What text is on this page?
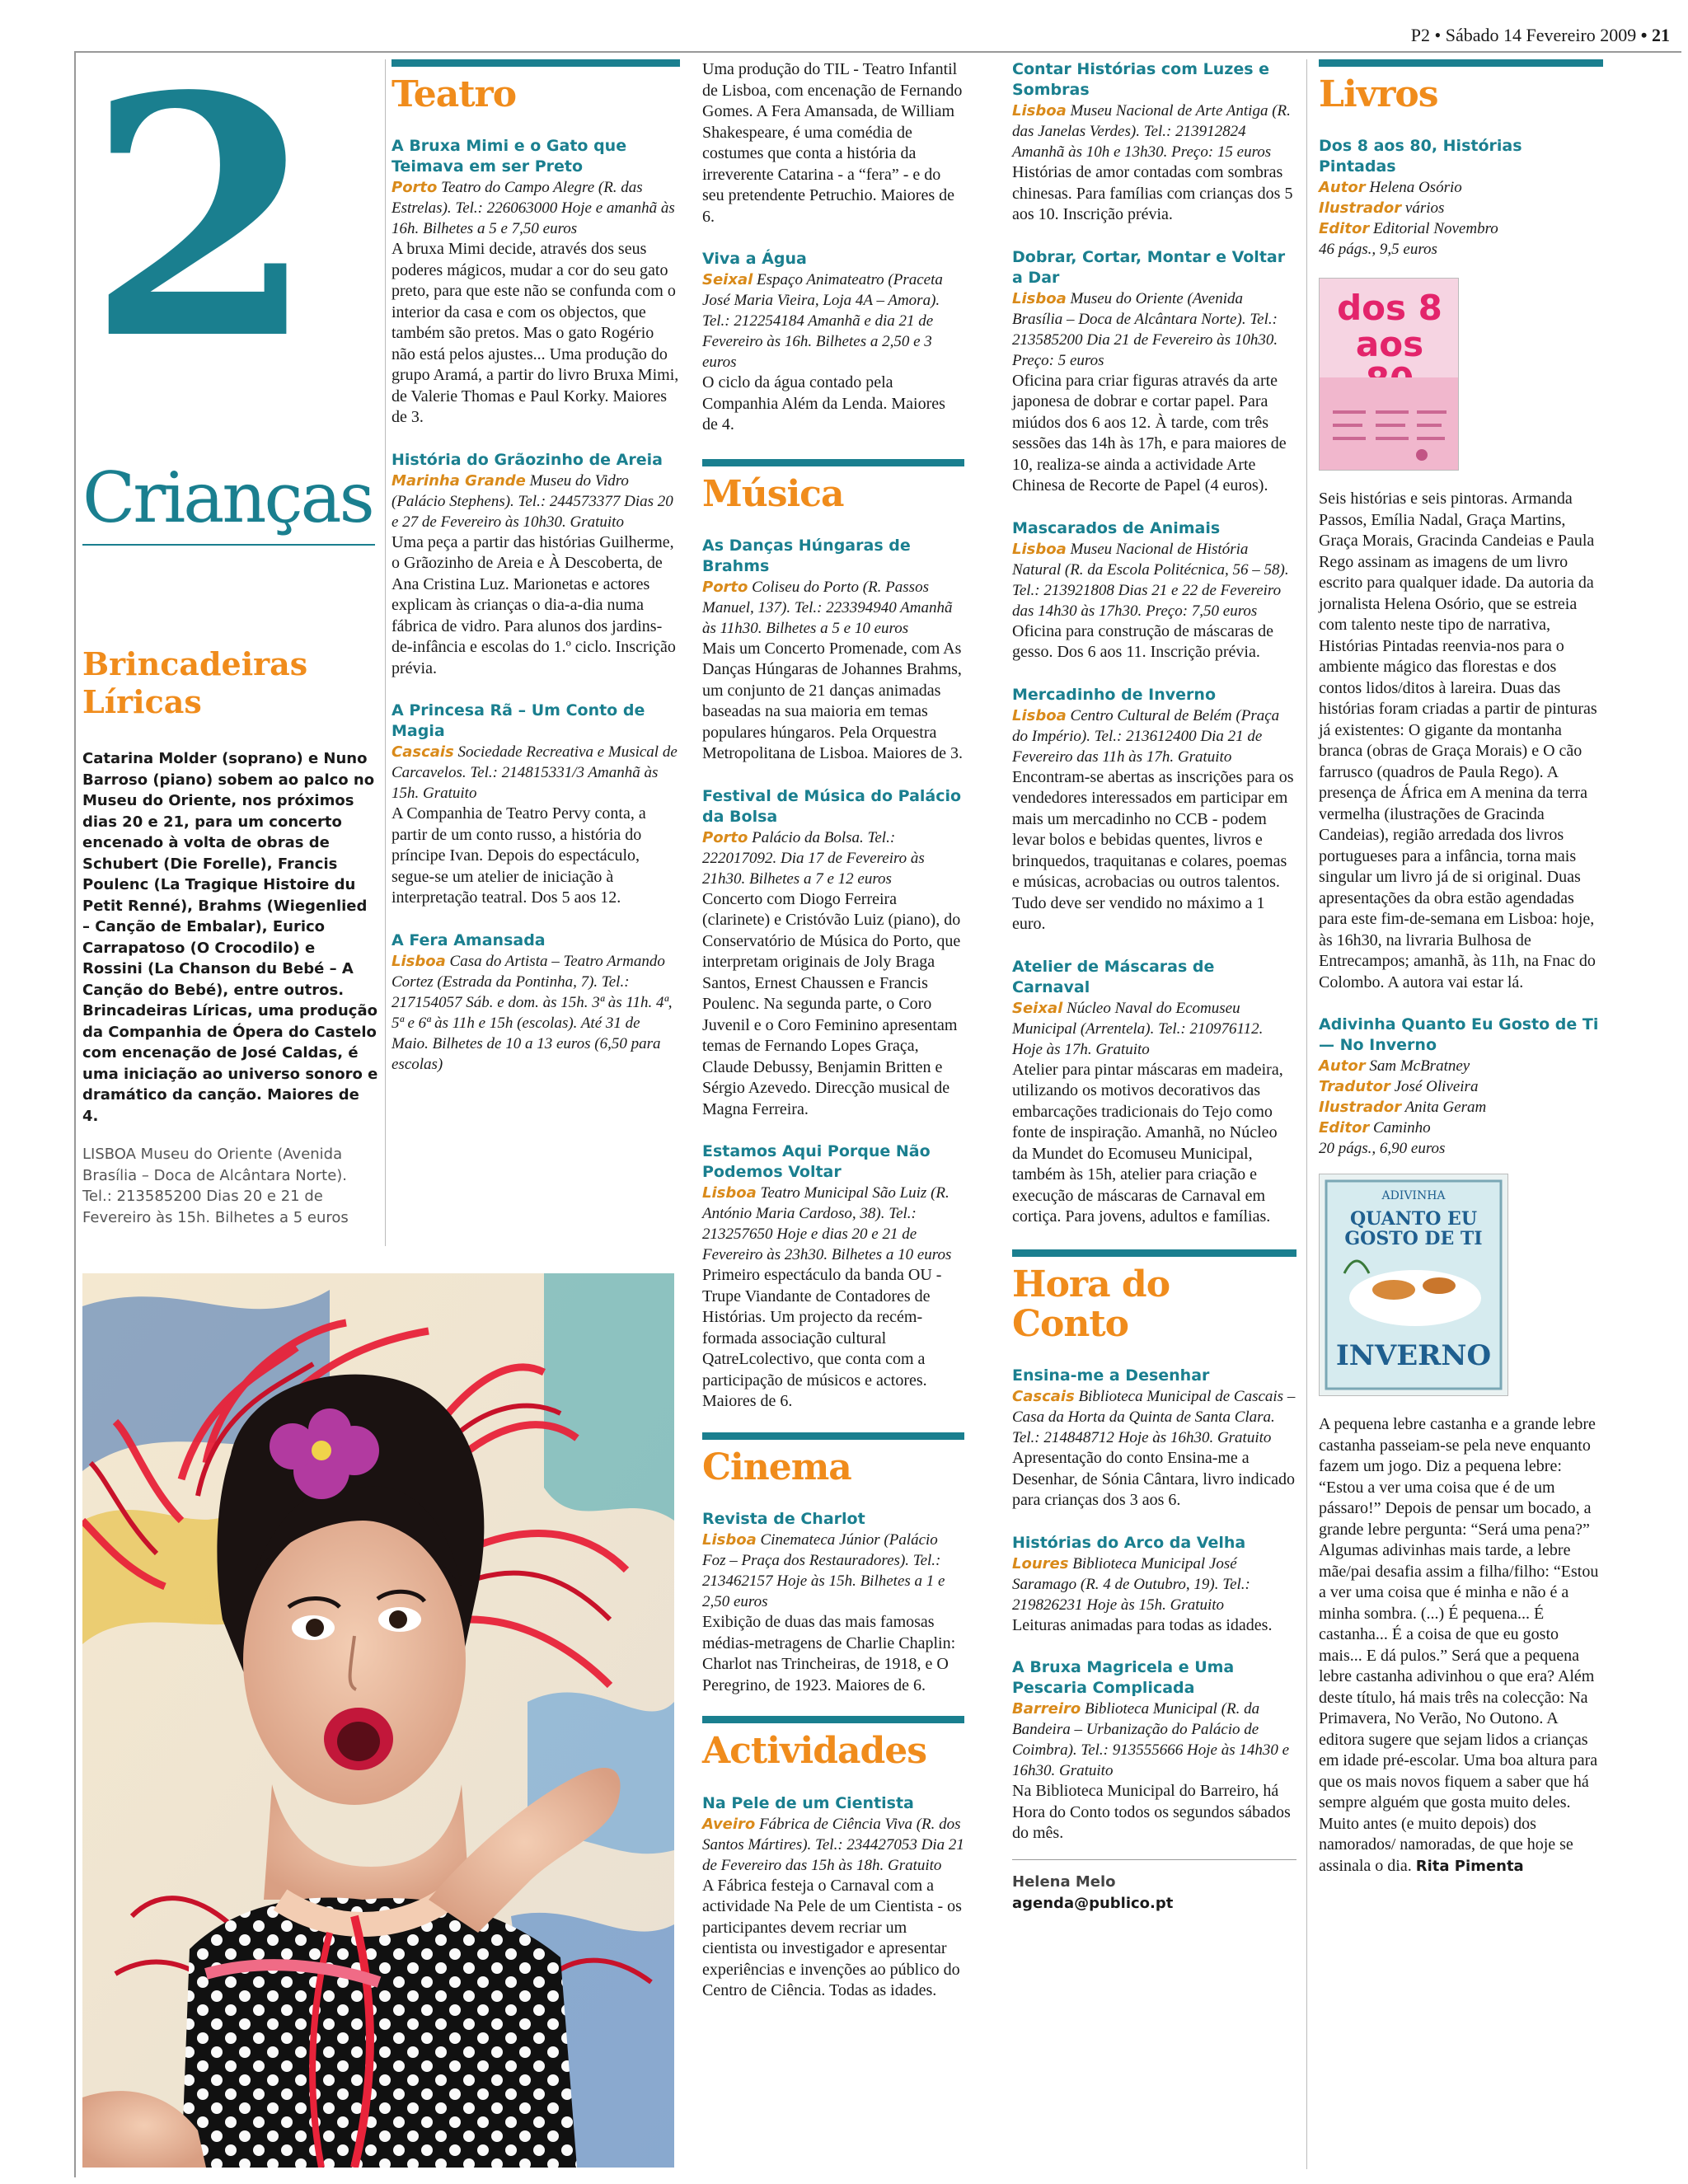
P2 • Sábado 14 Fevereiro 2009 • 21
2
Crianças
Brincadeiras
Líricas
Catarina Molder (soprano) e Nuno Barroso (piano) sobem ao palco no Museu do Oriente, nos próximos dias 20 e 21, para um concerto encenado à volta de obras de Schubert (Die Forelle), Francis Poulenc (La Tragique Histoire du Petit Renné), Brahms (Wiegenlied – Canção de Embalar), Eurico Carrapatoso (O Crocodilo) e Rossini (La Chanson du Bebé – A Canção do Bebé), entre outros. Brincadeiras Líricas, uma produção da Companhia de Ópera do Castelo com encenação de José Caldas, é uma iniciação ao universo sonoro e dramático da canção. Maiores de 4.
LISBOA Museu do Oriente (Avenida Brasília – Doca de Alcântara Norte). Tel.: 213585200 Dias 20 e 21 de Fevereiro às 15h. Bilhetes a 5 euros
Teatro
A Bruxa Mimi e o Gato que Teimava em ser Preto
Porto Teatro do Campo Alegre (R. das Estrelas). Tel.: 226063000 Hoje e amanhã às 16h. Bilhetes a 5 e 7,50 euros
A bruxa Mimi decide, através dos seus poderes mágicos, mudar a cor do seu gato preto, para que este não se confunda com o interior da casa e com os objectos, que também são pretos. Mas o gato Rogério não está pelos ajustes... Uma produção do grupo Aramá, a partir do livro Bruxa Mimi, de Valerie Thomas e Paul Korky. Maiores de 3.
História do Grãozinho de Areia
Marinha Grande Museu do Vidro (Palácio Stephens). Tel.: 244573377 Dias 20 e 27 de Fevereiro às 10h30. Gratuito
Uma peça a partir das histórias Guilherme, o Grãozinho de Areia e À Descoberta, de Ana Cristina Luz. Marionetas e actores explicam às crianças o dia-a-dia numa fábrica de vidro. Para alunos dos jardins-de-infância e escolas do 1.º ciclo. Inscrição prévia.
A Princesa Rã – Um Conto de Magia
Cascais Sociedade Recreativa e Musical de Carcavelos. Tel.: 214815331/3 Amanhã às 15h. Gratuito
A Companhia de Teatro Pervy conta, a partir de um conto russo, a história do príncipe Ivan. Depois do espectáculo, segue-se um atelier de iniciação à interpretação teatral. Dos 5 aos 12.
A Fera Amansada
Lisboa Casa do Artista – Teatro Armando Cortez (Estrada da Pontinha, 7). Tel.: 217154057 Sáb. e dom. às 15h. 3ª às 11h. 4ª, 5ª e 6ª às 11h e 15h (escolas). Até 31 de Maio. Bilhetes de 10 a 13 euros (6,50 para escolas)
Uma produção do TIL - Teatro Infantil de Lisboa, com encenação de Fernando Gomes. A Fera Amansada, de William Shakespeare, é uma comédia de costumes que conta a história da irreverente Catarina - a “fera” - e do seu pretendente Petruchio. Maiores de 6.
Viva a Água
Seixal Espaço Animateatro (Praceta José Maria Vieira, Loja 4A – Amora). Tel.: 212254184 Amanhã e dia 21 de Fevereiro às 16h. Bilhetes a 2,50 e 3 euros
O ciclo da água contado pela Companhia Além da Lenda. Maiores de 4.
Música
As Danças Húngaras de Brahms
Porto Coliseu do Porto (R. Passos Manuel, 137). Tel.: 223394940 Amanhã às 11h30. Bilhetes a 5 e 10 euros
Mais um Concerto Promenade, com As Danças Húngaras de Johannes Brahms, um conjunto de 21 danças animadas baseadas na sua maioria em temas populares húngaros. Pela Orquestra Metropolitana de Lisboa. Maiores de 3.
Festival de Música do Palácio da Bolsa
Porto Palácio da Bolsa. Tel.: 222017092. Dia 17 de Fevereiro às 21h30. Bilhetes a 7 e 12 euros
Concerto com Diogo Ferreira (clarinete) e Cristóvão Luiz (piano), do Conservatório de Música do Porto, que interpretam originais de Joly Braga Santos, Ernest Chaussen e Francis Poulenc. Na segunda parte, o Coro Juvenil e o Coro Feminino apresentam temas de Fernando Lopes Graça, Claude Debussy, Benjamin Britten e Sérgio Azevedo. Direcção musical de Magna Ferreira.
Estamos Aqui Porque Não Podemos Voltar
Lisboa Teatro Municipal São Luiz (R. António Maria Cardoso, 38). Tel.: 213257650 Hoje e dias 20 e 21 de Fevereiro às 23h30. Bilhetes a 10 euros
Primeiro espectáculo da banda OU - Trupe Viandante de Contadores de Histórias. Um projecto da recém-formada associação cultural QatreLcolectivo, que conta com a participação de músicos e actores. Maiores de 6.
Cinema
Revista de Charlot
Lisboa Cinemateca Júnior (Palácio Foz – Praça dos Restauradores). Tel.: 213462157 Hoje às 15h. Bilhetes a 1 e 2,50 euros
Exibição de duas das mais famosas médias-metragens de Charlie Chaplin: Charlot nas Trincheiras, de 1918, e O Peregrino, de 1923. Maiores de 6.
Actividades
Na Pele de um Cientista
Aveiro Fábrica de Ciência Viva (R. dos Santos Mártires). Tel.: 234427053 Dia 21 de Fevereiro das 15h às 18h. Gratuito
A Fábrica festeja o Carnaval com a actividade Na Pele de um Cientista - os participantes devem recriar um cientista ou investigador e apresentar experiências e invenções ao público do Centro de Ciência. Todas as idades.
Contar Histórias com Luzes e Sombras
Lisboa Museu Nacional de Arte Antiga (R. das Janelas Verdes). Tel.: 213912824 Amanhã às 10h e 13h30. Preço: 15 euros
Histórias de amor contadas com sombras chinesas. Para famílias com crianças dos 5 aos 10. Inscrição prévia.
Dobrar, Cortar, Montar e Voltar a Dar
Lisboa Museu do Oriente (Avenida Brasília – Doca de Alcântara Norte). Tel.: 213585200 Dia 21 de Fevereiro às 10h30. Preço: 5 euros
Oficina para criar figuras através da arte japonesa de dobrar e cortar papel. Para miúdos dos 6 aos 12. À tarde, com três sessões das 14h às 17h, e para maiores de 10, realiza-se ainda a actividade Arte Chinesa de Recorte de Papel (4 euros).
Mascarados de Animais
Lisboa Museu Nacional de História Natural (R. da Escola Politécnica, 56 – 58). Tel.: 213921808 Dias 21 e 22 de Fevereiro das 14h30 às 17h30. Preço: 7,50 euros
Oficina para construção de máscaras de gesso. Dos 6 aos 11. Inscrição prévia.
Mercadinho de Inverno
Lisboa Centro Cultural de Belém (Praça do Império). Tel.: 213612400 Dia 21 de Fevereiro das 11h às 17h. Gratuito
Encontram-se abertas as inscrições para os vendedores interessados em participar em mais um mercadinho no CCB - podem levar bolos e bebidas quentes, livros e brinquedos, traquitanas e colares, poemas e músicas, acrobacias ou outros talentos. Tudo deve ser vendido no máximo a 1 euro.
Atelier de Máscaras de Carnaval
Seixal Núcleo Naval do Ecomuseu Municipal (Arrentela). Tel.: 210976112. Hoje às 17h. Gratuito
Atelier para pintar máscaras em madeira, utilizando os motivos decorativos das embarcações tradicionais do Tejo como fonte de inspiração. Amanhã, no Núcleo da Mundet do Ecomuseu Municipal, também às 15h, atelier para criação e execução de máscaras de Carnaval em cortiça. Para jovens, adultos e famílias.
Hora do Conto
Ensina-me a Desenhar
Cascais Biblioteca Municipal de Cascais – Casa da Horta da Quinta de Santa Clara. Tel.: 214848712 Hoje às 16h30. Gratuito
Apresentação do conto Ensina-me a Desenhar, de Sónia Cântara, livro indicado para crianças dos 3 aos 6.
Histórias do Arco da Velha
Loures Biblioteca Municipal José Saramago (R. 4 de Outubro, 19). Tel.: 219826231 Hoje às 15h. Gratuito
Leituras animadas para todas as idades.
A Bruxa Magricela e Uma Pescaria Complicada
Barreiro Biblioteca Municipal (R. da Bandeira – Urbanização do Palácio de Coimbra). Tel.: 913555666 Hoje às 14h30 e 16h30. Gratuito
Na Biblioteca Municipal do Barreiro, há Hora do Conto todos os segundos sábados do mês.
Helena Melo
agenda@publico.pt
Livros
Dos 8 aos 80, Histórias Pintadas
Autor Helena Osório
Ilustrador vários
Editor Editorial Novembro
46 págs., 9,5 euros
dos 8 aos
Seis histórias e seis pintoras. Armanda Passos, Emília Nadal, Graça Martins, Graça Morais, Gracinda Candeias e Paula Rego assinam as imagens de um livro escrito para qualquer idade. Da autoria da jornalista Helena Osório, que se estreia com talento neste tipo de narrativa, Histórias Pintadas reenvia-nos para o ambiente mágico das florestas e dos contos lidos/ditos à lareira. Duas das histórias foram criadas a partir de pinturas já existentes: O gigante da montanha branca (obras de Graça Morais) e O cão farrusco (quadros de Paula Rego). A presença de África em A menina da terra vermelha (ilustrações de Gracinda Candeias), região arredada dos livros portugueses para a infância, torna mais singular um livro já de si original. Duas apresentações da obra estão agendadas para este fim-de-semana em Lisboa: hoje, às 16h30, na livraria Bulhosa de Entrecampos; amanhã, às 11h, na Fnac do Colombo. A autora vai estar lá.
Adivinha Quanto Eu Gosto de Ti — No Inverno
Autor Sam McBratney
Tradutor José Oliveira
Ilustrador Anita Geram
Editor Caminho
20 págs., 6,90 euros
ADIVINHA
QUANTO EU GOSTO DE TI
INVERNO
A pequena lebre castanha e a grande lebre castanha passeiam-se pela neve enquanto fazem um jogo. Diz a pequena lebre: “Estou a ver uma coisa que é de um pássaro!” Depois de pensar um bocado, a grande lebre pergunta: “Será uma pena?” Algumas adivinhas mais tarde, a lebre mãe/pai desafia assim a filha/filho: “Estou a ver uma coisa que é minha e não é a minha sombra. (...) É pequena... É castanha... É a coisa de que eu gosto mais... E dá pulos.” Será que a pequena lebre castanha adivinhou o que era? Além deste título, há mais três na colecção: Na Primavera, No Verão, No Outono. A editora sugere que sejam lidos a crianças em idade pré-escolar. Uma boa altura para que os mais novos fiquem a saber que há sempre alguém que gosta muito deles. Muito antes (e muito depois) dos namorados/ namoradas, de que hoje se assinala o dia. Rita Pimenta
